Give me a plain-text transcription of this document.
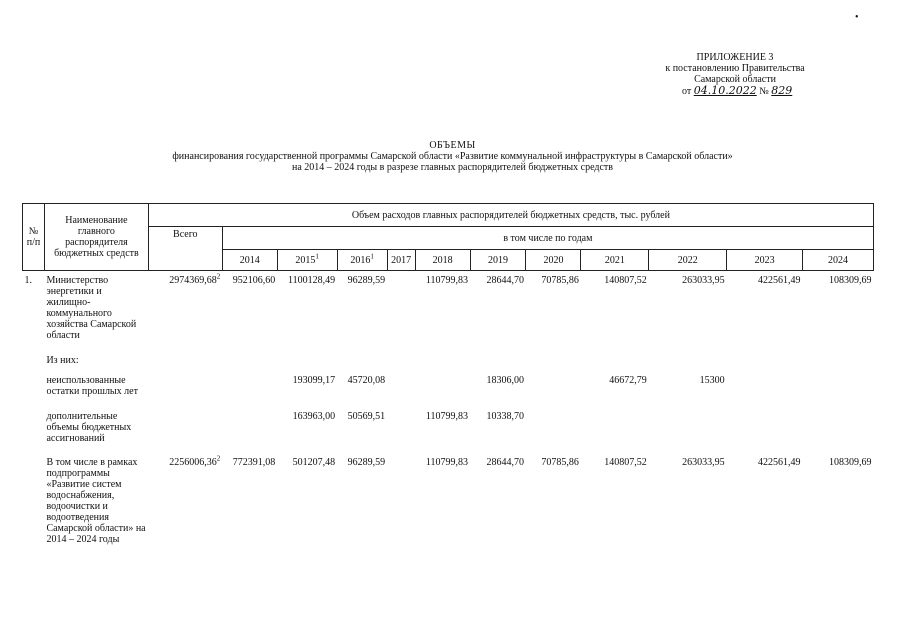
ПРИЛОЖЕНИЕ 3
к постановлению Правительства
Самарской области
от 04.10.2022 № 829
ОБЪЕМЫ
финансирования государственной программы Самарской области «Развитие коммунальной инфраструктуры в Самарской области»
на 2014 – 2024 годы в разрезе главных распорядителей бюджетных средств
№ п/п	Наименование главного распорядителя бюджетных средств	Объем расходов главных распорядителей бюджетных средств, тыс. рублей											
		Всего	в том числе по годам										
			2014	2015$^1$	2016$^1$	2017	2018	2019	2020	2021	2022	2023	2024
1.	Министерство энергетики и жилищно-коммунального хозяйства Самарской области	2974369,68$^2$	952106,60	1100128,49	96289,59		110799,83	28644,70	70785,86	140807,52	263033,95	422561,49	108309,69
	Из них:												
	неиспользованные остатки прошлых лет			193099,17	45720,08			18306,00		46672,79	15300		
	дополнительные объемы бюджетных ассигнований			163963,00	50569,51		110799,83	10338,70					
	В том числе в рамках подпрограммы «Развитие систем водоснабжения, водоочистки и водоотведения Самарской области» на 2014 – 2024 годы	2256006,36$^2$	772391,08	501207,48	96289,59		110799,83	28644,70	70785,86	140807,52	263033,95	422561,49	108309,69
•
